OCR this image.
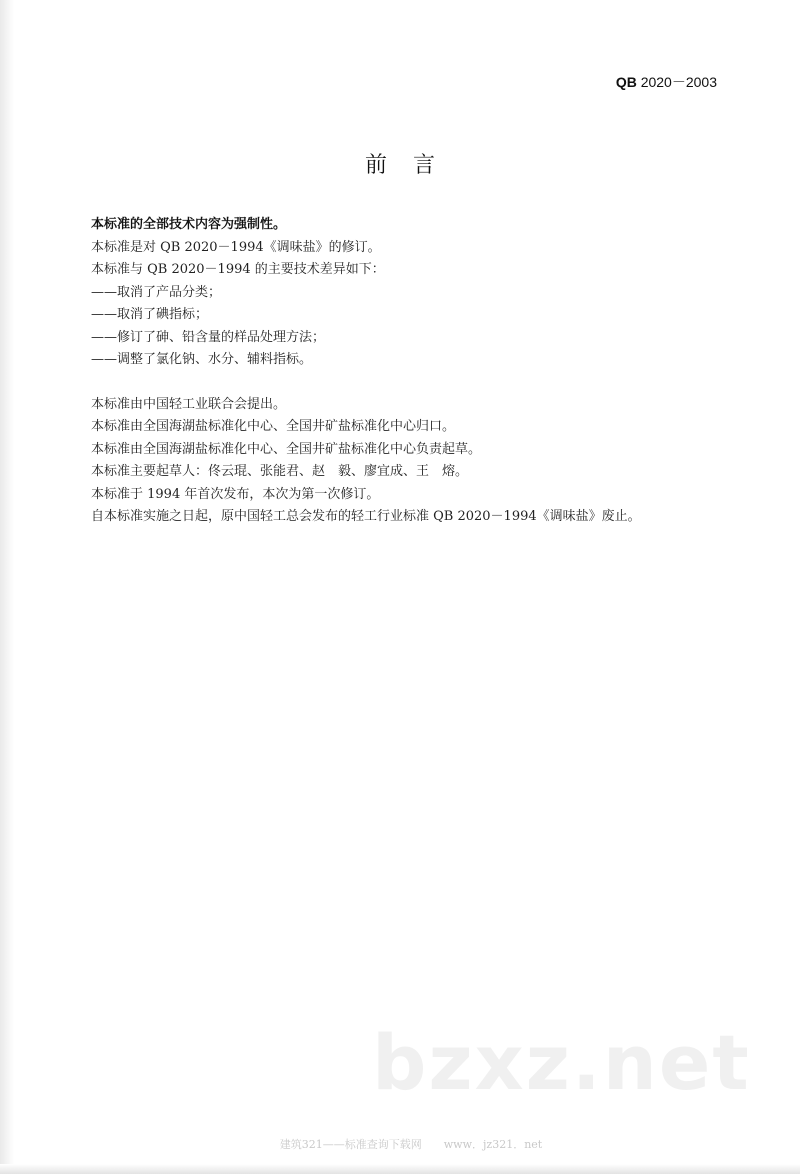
QB 2020－2003
前言
本标准的全部技术内容为强制性。
本标准是对 QB 2020－1994《调味盐》的修订。
本标准与 QB 2020－1994 的主要技术差异如下：
——取消了产品分类；
——取消了碘指标；
——修订了砷、铅含量的样品处理方法；
——调整了氯化钠、水分、辅料指标。
本标准由中国轻工业联合会提出。
本标准由全国海湖盐标准化中心、全国井矿盐标准化中心归口。
本标准由全国海湖盐标准化中心、全国井矿盐标准化中心负责起草。
本标准主要起草人：佟云琨、张能君、赵　毅、廖宜成、王　熔。
本标准于 1994 年首次发布，本次为第一次修订。
自本标准实施之日起，原中国轻工总会发布的轻工行业标准 QB 2020－1994《调味盐》废止。
bzxz.net
建筑321——标准查询下载网　　www．jz321．net
